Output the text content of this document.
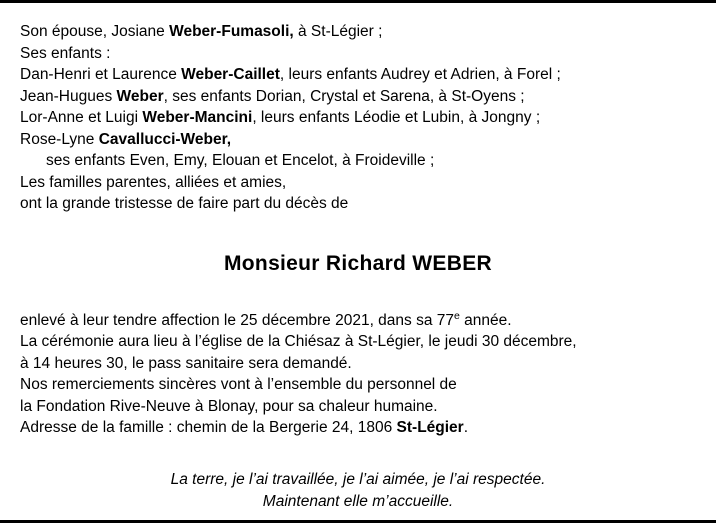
Son épouse, Josiane Weber-Fumasoli, à St-Légier ;
Ses enfants :
Dan-Henri et Laurence Weber-Caillet, leurs enfants Audrey et Adrien, à Forel ;
Jean-Hugues Weber, ses enfants Dorian, Crystal et Sarena, à St-Oyens ;
Lor-Anne et Luigi Weber-Mancini, leurs enfants Léodie et Lubin, à Jongny ;
Rose-Lyne Cavallucci-Weber,
ses enfants Even, Emy, Elouan et Encelot, à Froideville ;
Les familles parentes, alliées et amies,
ont la grande tristesse de faire part du décès de
Monsieur Richard WEBER
enlevé à leur tendre affection le 25 décembre 2021, dans sa 77e année.
La cérémonie aura lieu à l’église de la Chiésaz à St-Légier, le jeudi 30 décembre,
à 14 heures 30, le pass sanitaire sera demandé.
Nos remerciements sincères vont à l’ensemble du personnel de
la Fondation Rive-Neuve à Blonay, pour sa chaleur humaine.
Adresse de la famille : chemin de la Bergerie 24, 1806 St-Légier.
La terre, je l’ai travaillée, je l’ai aimée, je l’ai respectée.
Maintenant elle m’accueille.
